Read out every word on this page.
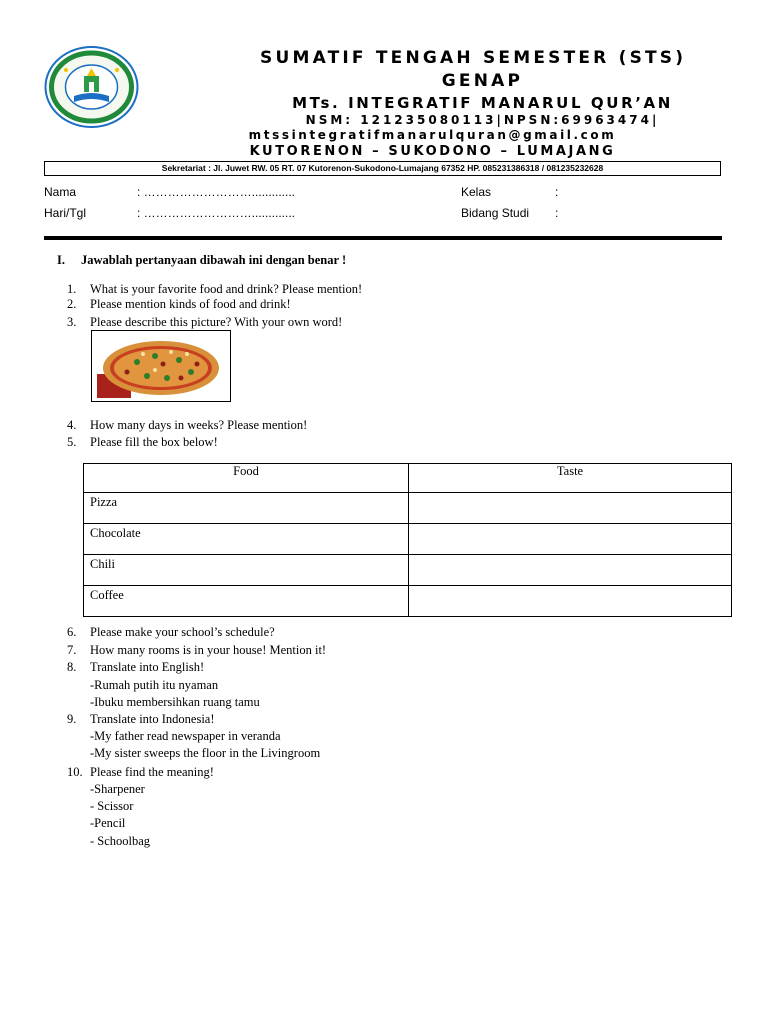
SUMATIF TENGAH SEMESTER (STS)
GENAP
MTs. INTEGRATIF MANARUL QUR’AN
NSM: 121235080113|NPSN:69963474|
mtssintegratifmanarulquran@gmail.com
KUTORENON – SUKODONO – LUMAJANG
Sekretariat : Jl. Juwet RW. 05 RT. 07 Kutorenon-Sukodono-Lumajang 67352 HP. 085231386318 / 081235232628
Nama	: ……………………….............
Hari/Tgl	: ……………………….............
Kelas	:
Bidang Studi :
I. Jawablah pertanyaan dibawah ini dengan benar !
1. What is your favorite food and drink? Please mention!
2. Please mention kinds of food and drink!
3. Please describe this picture? With your own word!
4. How many days in weeks? Please mention!
5. Please fill the box below!
Food	Taste
Pizza	
Chocolate	
Chili	
Coffee	
6. Please make your school’s schedule?
7. How many rooms is in your house! Mention it!
8. Translate into English!
-Rumah putih itu nyaman
-Ibuku membersihkan ruang tamu
9. Translate into Indonesia!
-My father read newspaper in veranda
-My sister sweeps the floor in the Livingroom
10. Please find the meaning!
-Sharpener
- Scissor
-Pencil
- Schoolbag
